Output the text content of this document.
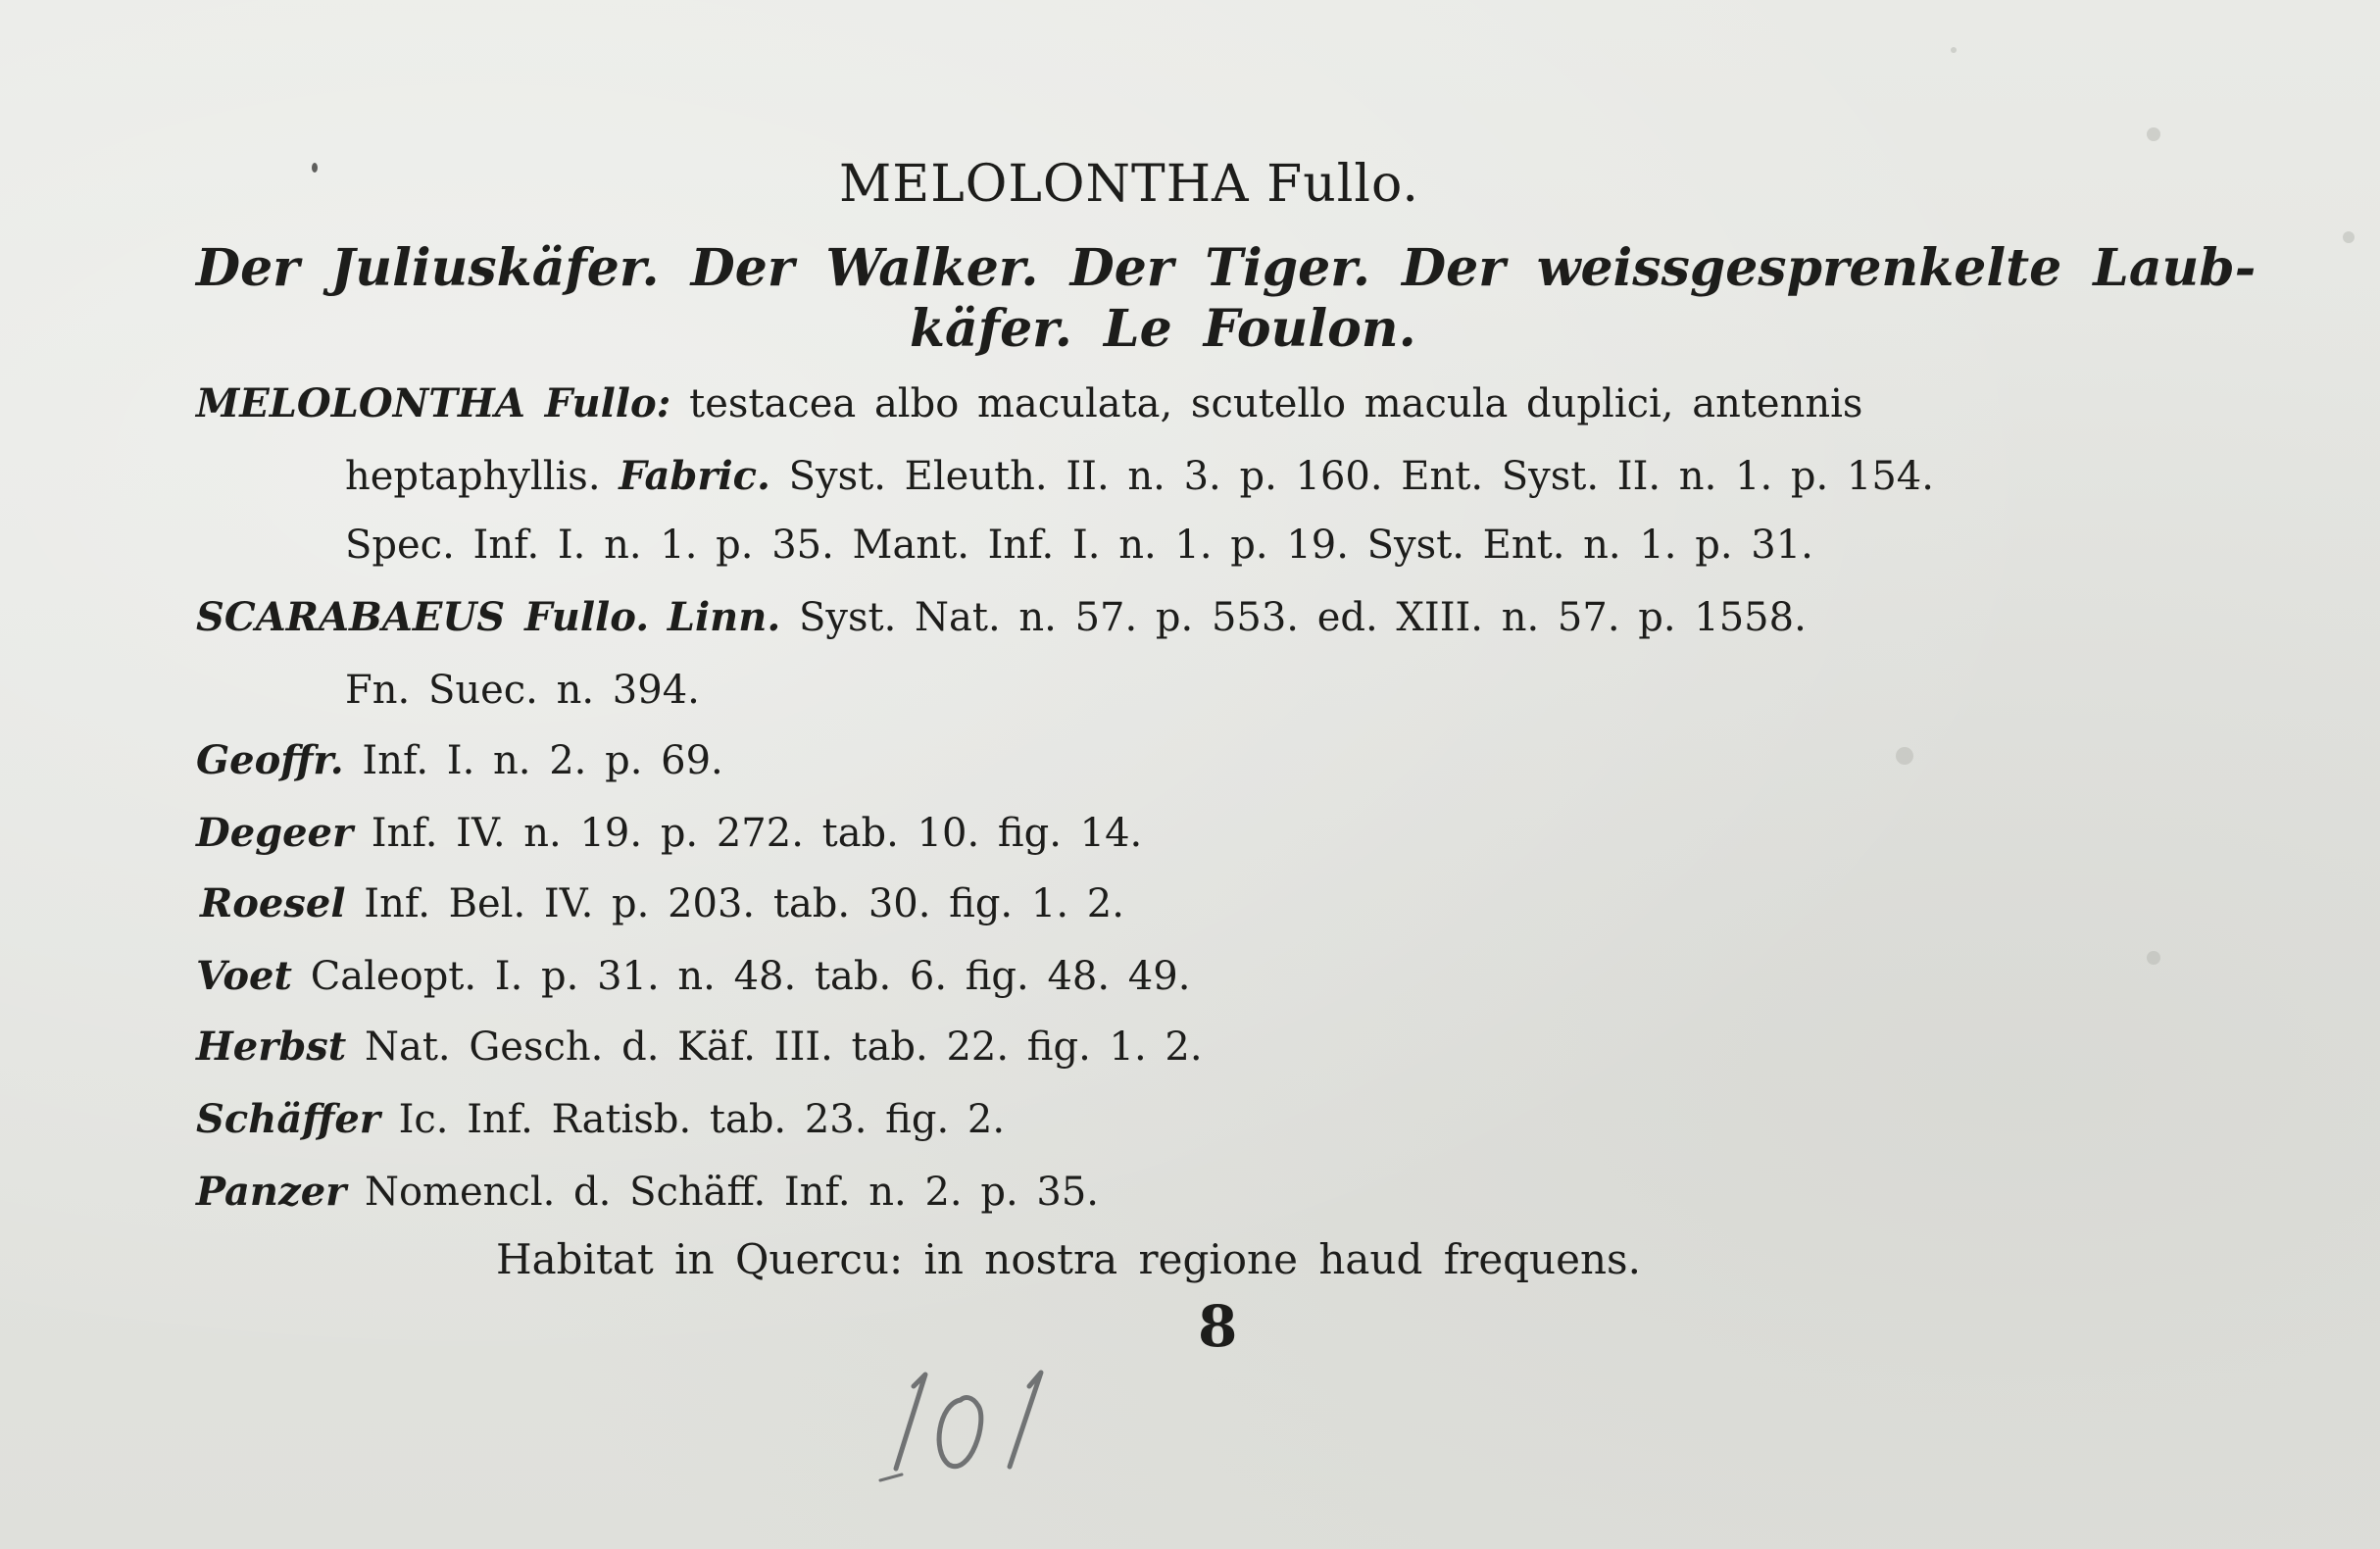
MELOLONTHA Fullo.
Der Juliuskäfer. Der Walker. Der Tiger. Der weissgesprenkelte Laub-
käfer. Le Foulon.
MELOLONTHA Fullo: testacea albo maculata, scutello macula duplici, antennis
heptaphyllis. Fabric. Syst. Eleuth. II. n. 3. p. 160. Ent. Syst. II. n. 1. p. 154.
Spec. Inf. I. n. 1. p. 35. Mant. Inf. I. n. 1. p. 19. Syst. Ent. n. 1. p. 31.
SCARABAEUS Fullo. Linn. Syst. Nat. n. 57. p. 553. ed. XIII. n. 57. p. 1558.
Fn. Suec. n. 394.
Geoffr. Inf. I. n. 2. p. 69.
Degeer Inf. IV. n. 19. p. 272. tab. 10. fig. 14.
Roesel Inf. Bel. IV. p. 203. tab. 30. fig. 1. 2.
Voet Caleopt. I. p. 31. n. 48. tab. 6. fig. 48. 49.
Herbst Nat. Gesch. d. Käf. III. tab. 22. fig. 1. 2.
Schäffer Ic. Inf. Ratisb. tab. 23. fig. 2.
Panzer Nomencl. d. Schäff. Inf. n. 2. p. 35.
Habitat in Quercu: in nostra regione haud frequens.
8
